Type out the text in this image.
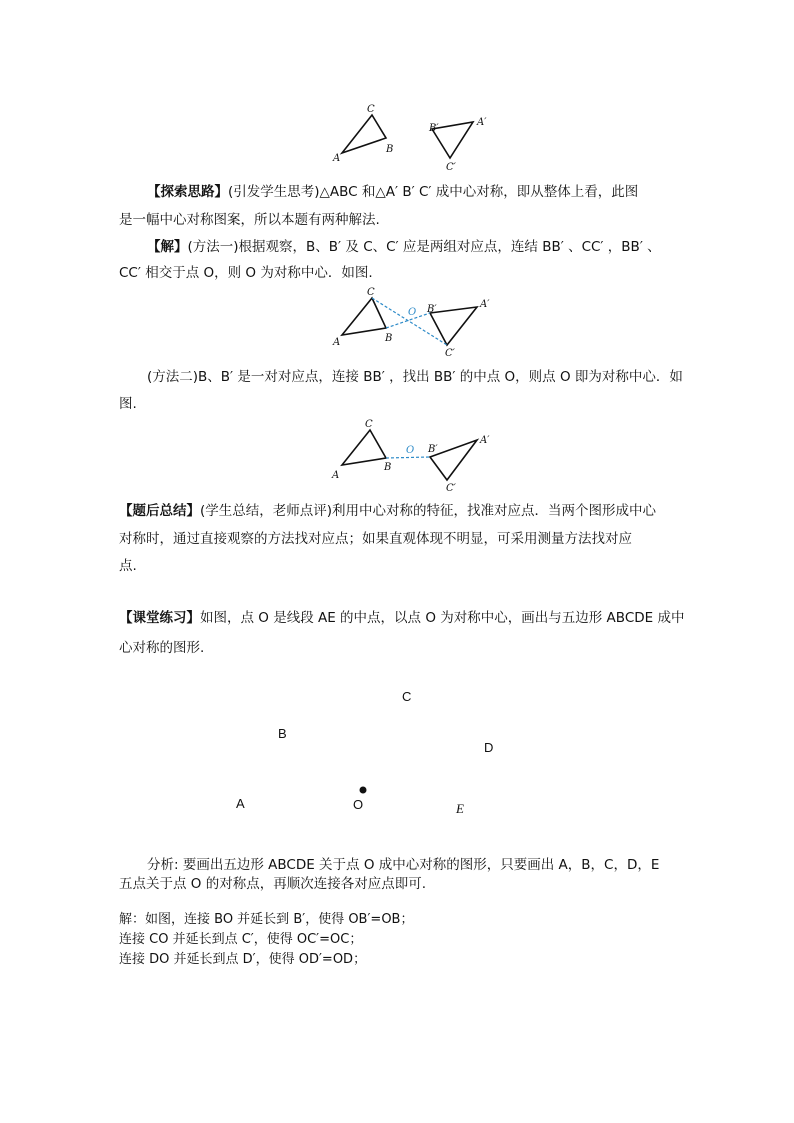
C
A
B
B′
A′
C′
【探索思路】(引发学生思考)△ABC 和△A′ B′ C′ 成中心对称，即从整体上看，此图
是一幅中心对称图案，所以本题有两种解法.
【解】(方法一)根据观察，B、B′ 及 C、C′ 应是两组对应点，连结 BB′ 、CC′ ，BB′ 、
CC′ 相交于点 O，则 O 为对称中心．如图.
C
O B′	A′
A	B
C′
(方法二)B、B′ 是一对对应点，连接 BB′ ，找出 BB′ 的中点 O，则点 O 即为对称中心．如
图.
C
O B′
A′
A
B
C′
【题后总结】(学生总结，老师点评)利用中心对称的特征，找准对应点．当两个图形成中心
对称时，通过直接观察的方法找对应点；如果直观体现不明显，可采用测量方法找对应
点.
【课堂练习】如图，点 O 是线段 AE 的中点，以点 O 为对称中心，画出与五边形 ABCDE 成中
心对称的图形.
C
B
D
A	O	E
分析: 要画出五边形 ABCDE 关于点 O 成中心对称的图形，只要画出 A，B，C，D，E
五点关于点 O 的对称点，再顺次连接各对应点即可.
解：如图，连接 BO 并延长到 B′，使得 OB′=OB；
连接 CO 并延长到点 C′，使得 OC′=OC；
连接 DO 并延长到点 D′，使得 OD′=OD；
